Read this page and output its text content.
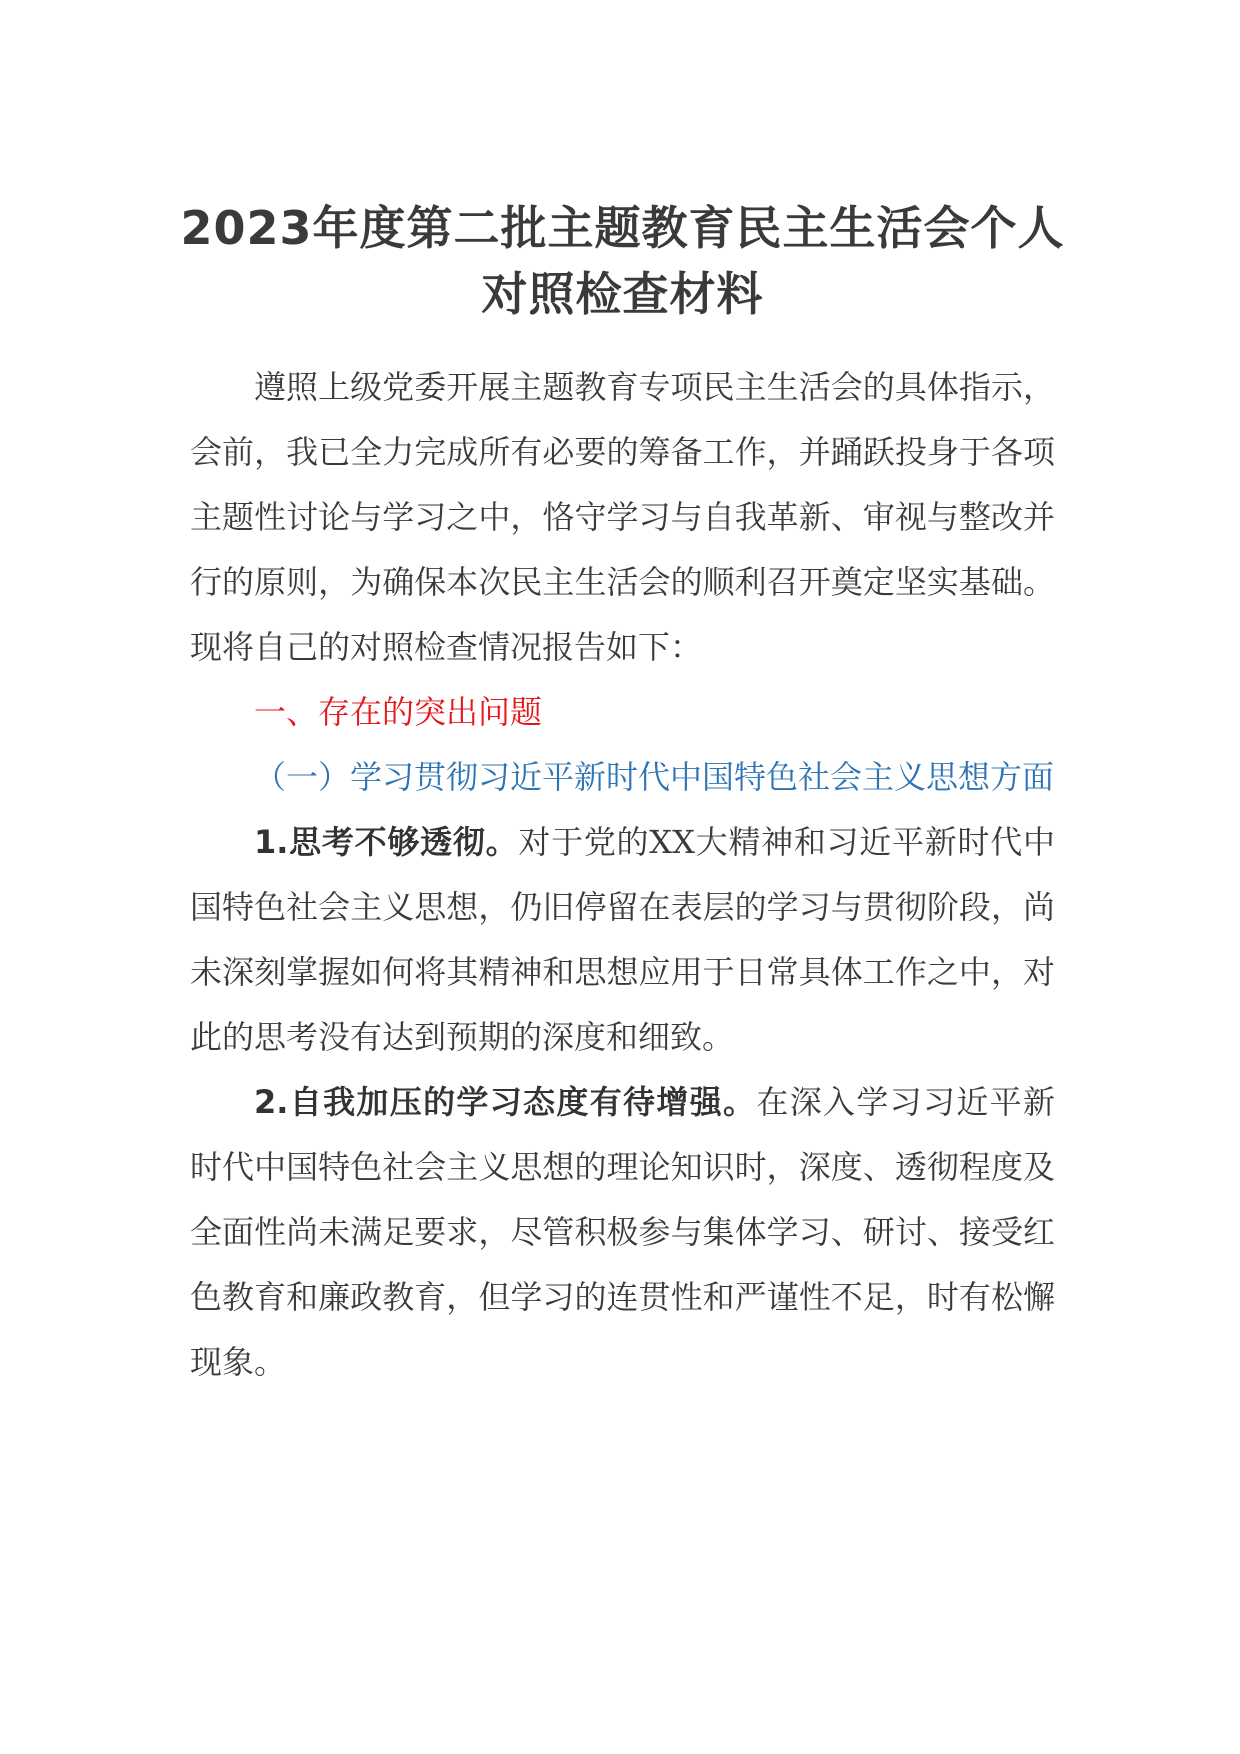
2023年度第二批主题教育民主生活会个人
对照检查材料

遵照上级党委开展主题教育专项民主生活会的具体指示，会前，我已全力完成所有必要的筹备工作，并踊跃投身于各项主题性讨论与学习之中，恪守学习与自我革新、审视与整改并行的原则，为确保本次民主生活会的顺利召开奠定坚实基础。现将自己的对照检查情况报告如下：

一、存在的突出问题

（一）学习贯彻习近平新时代中国特色社会主义思想方面

1.思考不够透彻。对于党的XX大精神和习近平新时代中国特色社会主义思想，仍旧停留在表层的学习与贯彻阶段，尚未深刻掌握如何将其精神和思想应用于日常具体工作之中，对此的思考没有达到预期的深度和细致。

2.自我加压的学习态度有待增强。在深入学习习近平新时代中国特色社会主义思想的理论知识时，深度、透彻程度及全面性尚未满足要求，尽管积极参与集体学习、研讨、接受红色教育和廉政教育，但学习的连贯性和严谨性不足，时有松懈现象。
